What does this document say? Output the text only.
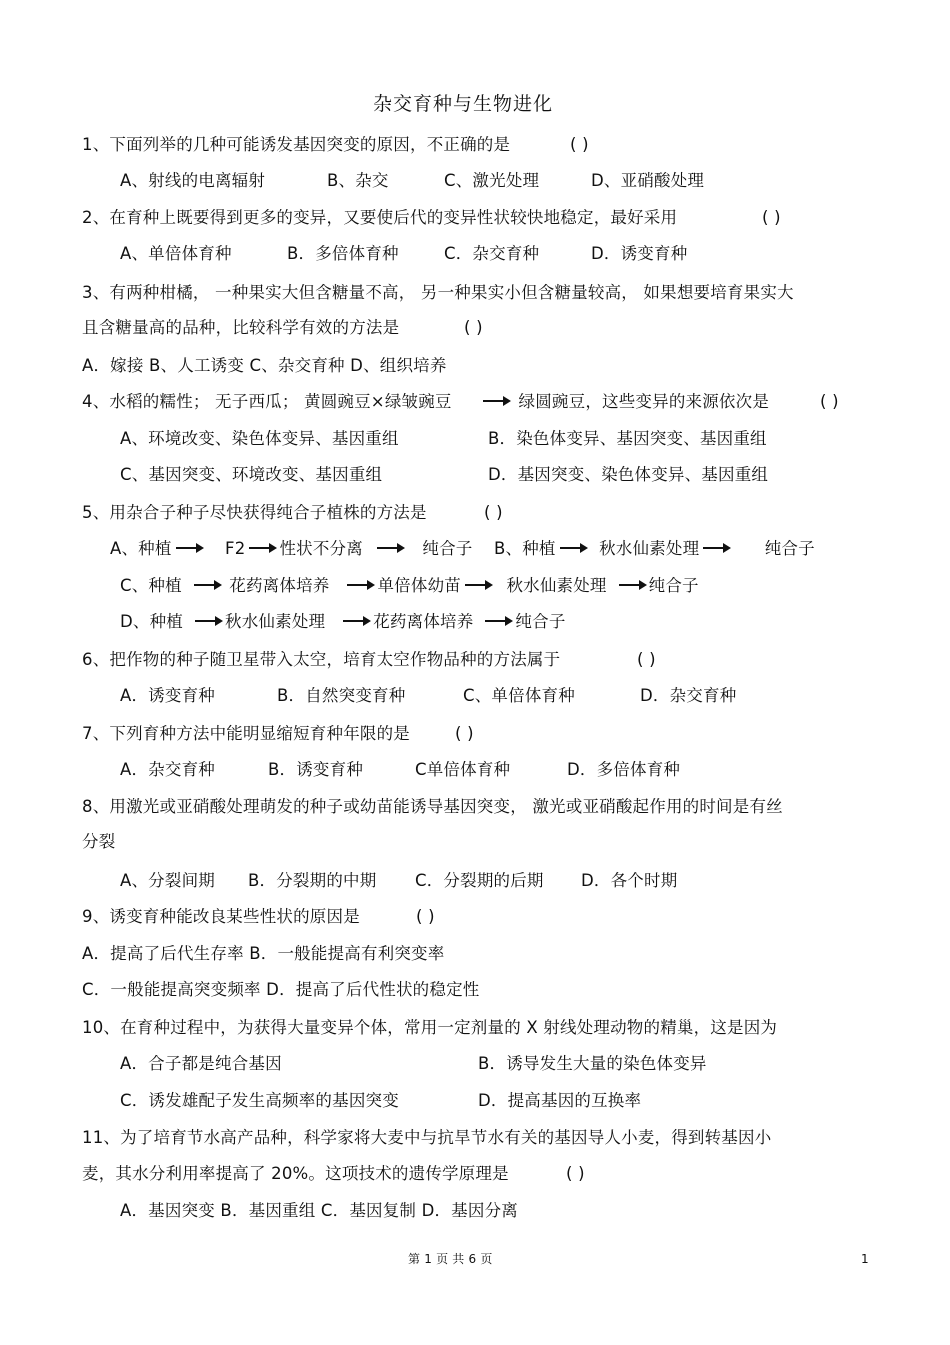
杂交育种与生物进化
1、下面列举的几种可能诱发基因突变的原因，不正确的是	( )
A、射线的电离辐射	B、杂交	C、激光处理	D、亚硝酸处理
2、在育种上既要得到更多的变异，又要使后代的变异性状较快地稳定，最好采用	( )
A、单倍体育种	B．多倍体育种	C．杂交育种	D．诱变育种
3、有两种柑橘， 一种果实大但含糖量不高， 另一种果实小但含糖量较高， 如果想要培育果实大
且含糖量高的品种，比较科学有效的方法是	( )
A．嫁接 B、人工诱变 C、杂交育种 D、组织培养
4、水稻的糯性； 无子西瓜； 黄圆豌豆×绿皱豌豆	绿圆豌豆，这些变异的来源依次是	( )
A、环境改变、染色体变异、基因重组	B．染色体变异、基因突变、基因重组
C、基因突变、环境改变、基因重组	D．基因突变、染色体变异、基因重组
5、用杂合子种子尽快获得纯合子植株的方法是	( )
A、种植	F2 性状不分离	纯合子 B、种植	秋水仙素处理	纯合子
C、种植	花药离体培养	单倍体幼苗	秋水仙素处理	纯合子
D、种植	秋水仙素处理	花药离体培养	纯合子
6、把作物的种子随卫星带入太空，培育太空作物品种的方法属于	( )
A．诱变育种	B．自然突变育种	C、单倍体育种	D．杂交育种
7、下列育种方法中能明显缩短育种年限的是	( )
A．杂交育种	B．诱变育种	C单倍体育种	D．多倍体育种
8、用激光或亚硝酸处理萌发的种子或幼苗能诱导基因突变， 激光或亚硝酸起作用的时间是有丝
分裂
A、分裂间期 B．分裂期的中期 C．分裂期的后期 D．各个时期
9、诱变育种能改良某些性状的原因是	( )
A．提高了后代生存率 B．一般能提高有利突变率
C．一般能提高突变频率 D．提高了后代性状的稳定性
10、在育种过程中，为获得大量变异个体，常用一定剂量的 X 射线处理动物的精巢，这是因为
A．合子都是纯合基因	B．诱导发生大量的染色体变异
C．诱发雄配子发生高频率的基因突变	D．提高基因的互换率
11、为了培育节水高产品种，科学家将大麦中与抗旱节水有关的基因导人小麦，得到转基因小
麦，其水分利用率提高了 20%。这项技术的遗传学原理是	( )
A．基因突变 B．基因重组 C．基因复制 D．基因分离
第 1 页 共 6 页	1
